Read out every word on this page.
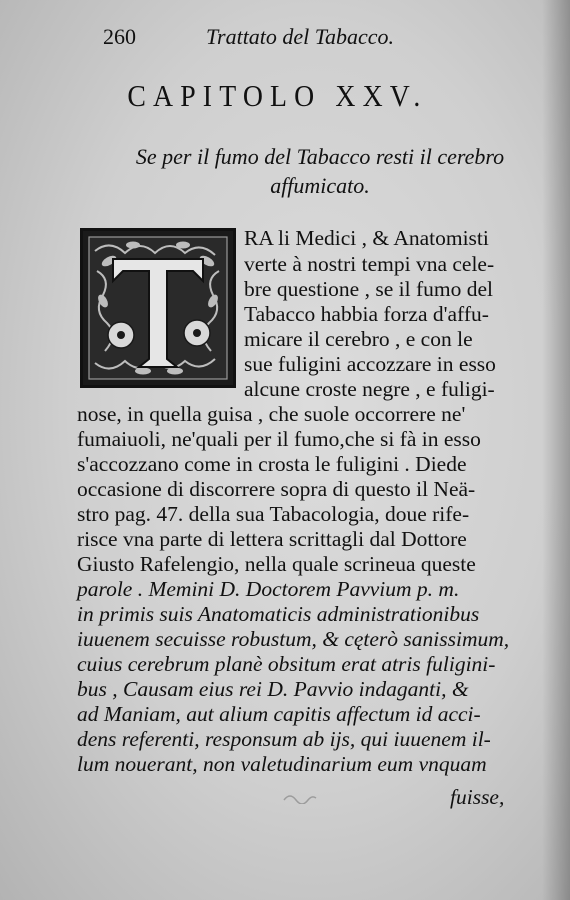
260	Trattato del Tabacco.
CAPITOLO XXV.
Se per il fumo del Tabacco resti il cerebro
affumicato.
RA li Medici , & Anatomisti
verte à nostri tempi vna cele-
bre questione , se il fumo del
Tabacco habbia forza d'affu-
micare il cerebro , e con le
sue fuligini accozzare in esso
alcune croste negre , e fuligi-
nose, in quella guisa , che suole occorrere ne'
fumaiuoli, ne'quali per il fumo,che si fà in esso
s'accozzano come in crosta le fuligini . Diede
occasione di discorrere sopra di questo il Neä-
stro pag. 47. della sua Tabacologia, doue rife-
risce vna parte di lettera scrittagli dal Dottore
Giusto Rafelengio, nella quale scrineua queste
parole . Memini D. Doctorem Pavvium p. m.
in primis suis Anatomaticis administrationibus
iuuenem secuisse robustum, & cęterò sanissimum,
cuius cerebrum planè obsitum erat atris fuligini-
bus , Causam eius rei D. Pavvio indaganti, &
ad Maniam, aut alium capitis affectum id acci-
dens referenti, responsum ab ijs, qui iuuenem il-
lum nouerant, non valetudinarium eum vnquam
fuisse,
